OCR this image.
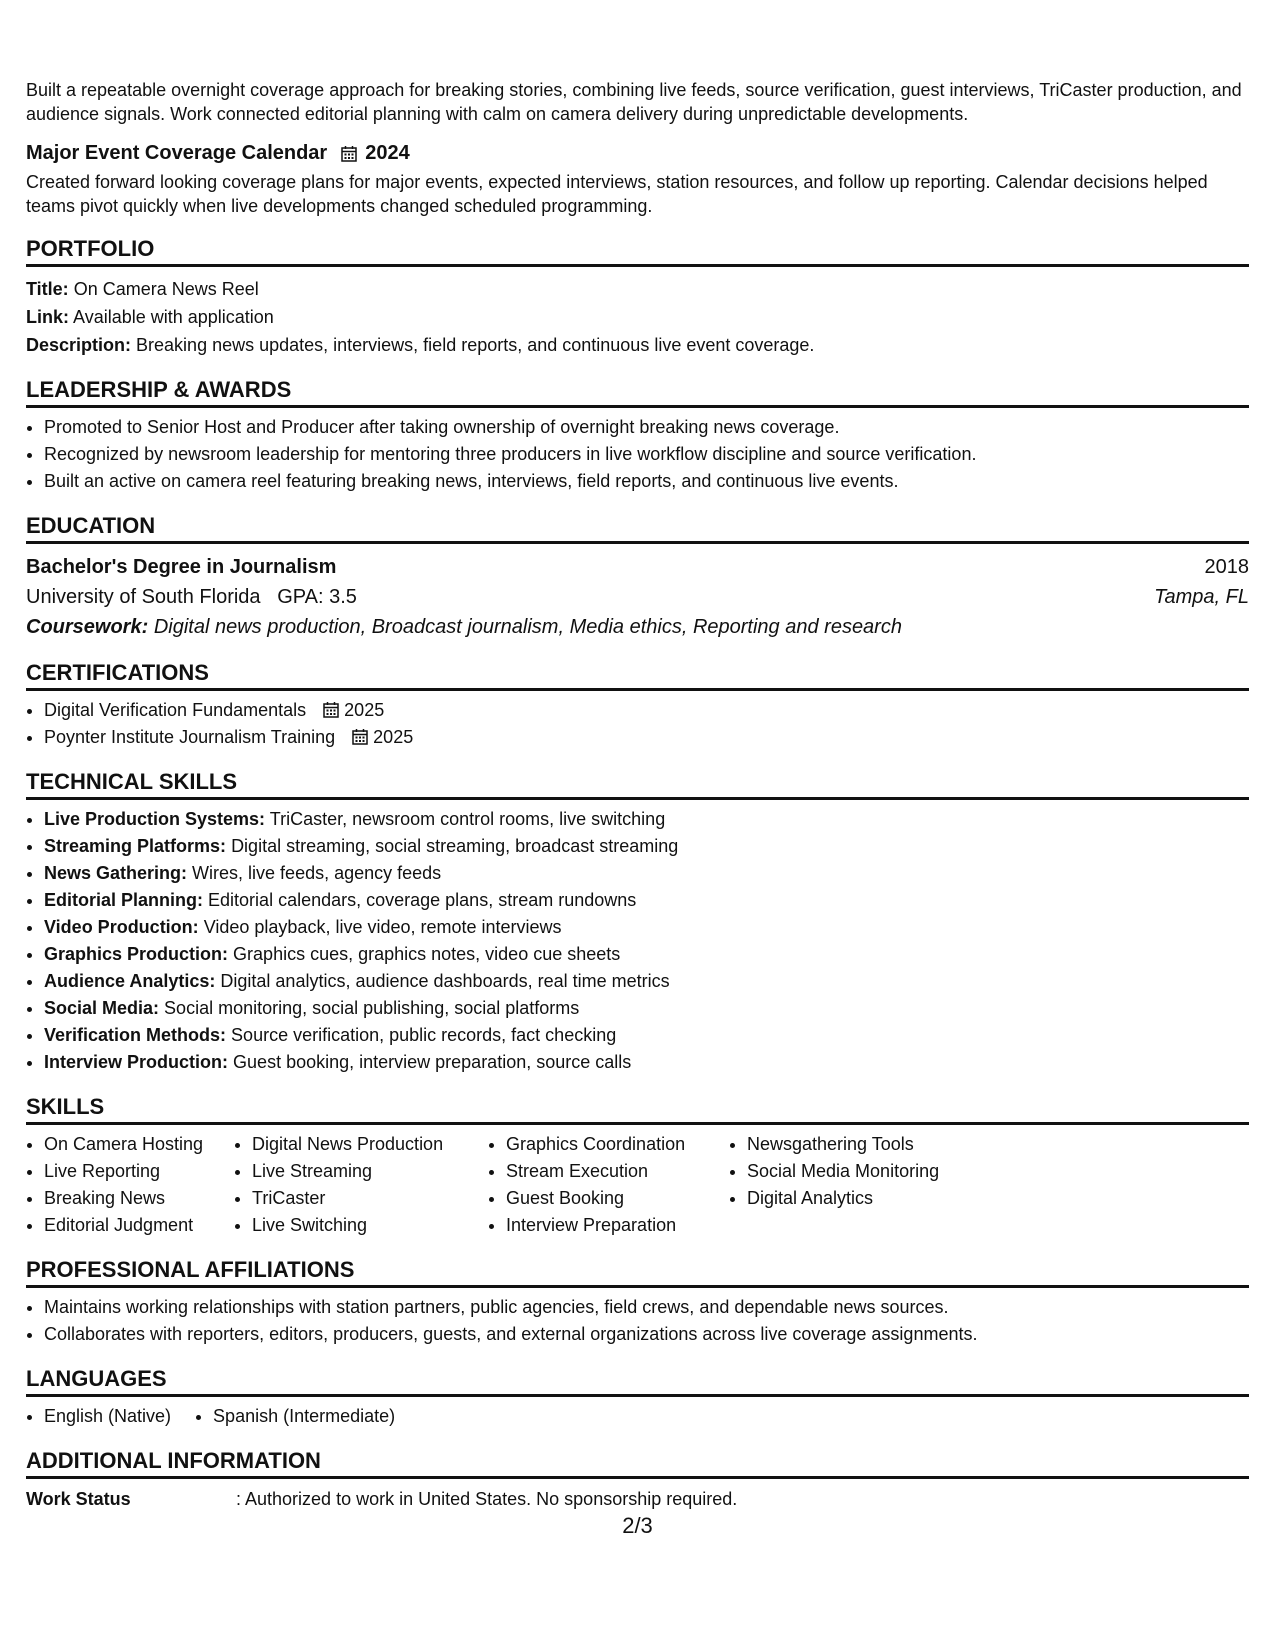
Built a repeatable overnight coverage approach for breaking stories, combining live feeds, source verification, guest interviews, TriCaster production, and audience signals. Work connected editorial planning with calm on camera delivery during unpredictable developments.

Major Event Coverage Calendar 2024

Created forward looking coverage plans for major events, expected interviews, station resources, and follow up reporting. Calendar decisions helped teams pivot quickly when live developments changed scheduled programming.

PORTFOLIO
Title: On Camera News Reel
Link: Available with application
Description: Breaking news updates, interviews, field reports, and continuous live event coverage.
LEADERSHIP & AWARDS
• Promoted to Senior Host and Producer after taking ownership of overnight breaking news coverage.
• Recognized by newsroom leadership for mentoring three producers in live workflow discipline and source verification.
• Built an active on camera reel featuring breaking news, interviews, field reports, and continuous live events.
EDUCATION
Bachelor's Degree in Journalism	2018
University of South Florida   GPA: 3.5	Tampa, FL
Coursework: Digital news production, Broadcast journalism, Media ethics, Reporting and research
CERTIFICATIONS
• Digital Verification Fundamentals 2025
• Poynter Institute Journalism Training 2025
TECHNICAL SKILLS
• Live Production Systems: TriCaster, newsroom control rooms, live switching
• Streaming Platforms: Digital streaming, social streaming, broadcast streaming
• News Gathering: Wires, live feeds, agency feeds
• Editorial Planning: Editorial calendars, coverage plans, stream rundowns
• Video Production: Video playback, live video, remote interviews
• Graphics Production: Graphics cues, graphics notes, video cue sheets
• Audience Analytics: Digital analytics, audience dashboards, real time metrics
• Social Media: Social monitoring, social publishing, social platforms
• Verification Methods: Source verification, public records, fact checking
• Interview Production: Guest booking, interview preparation, source calls
SKILLS
• On Camera Hosting
• Live Reporting
• Breaking News
• Editorial Judgment
• Digital News Production
• Live Streaming
• TriCaster
• Live Switching
• Graphics Coordination
• Stream Execution
• Guest Booking
• Interview Preparation
• Newsgathering Tools
• Social Media Monitoring
• Digital Analytics
PROFESSIONAL AFFILIATIONS
• Maintains working relationships with station partners, public agencies, field crews, and dependable news sources.
• Collaborates with reporters, editors, producers, guests, and external organizations across live coverage assignments.
LANGUAGES
• English (Native)
• Spanish (Intermediate)
ADDITIONAL INFORMATION
Work Status	: Authorized to work in United States. No sponsorship required.
2/3
